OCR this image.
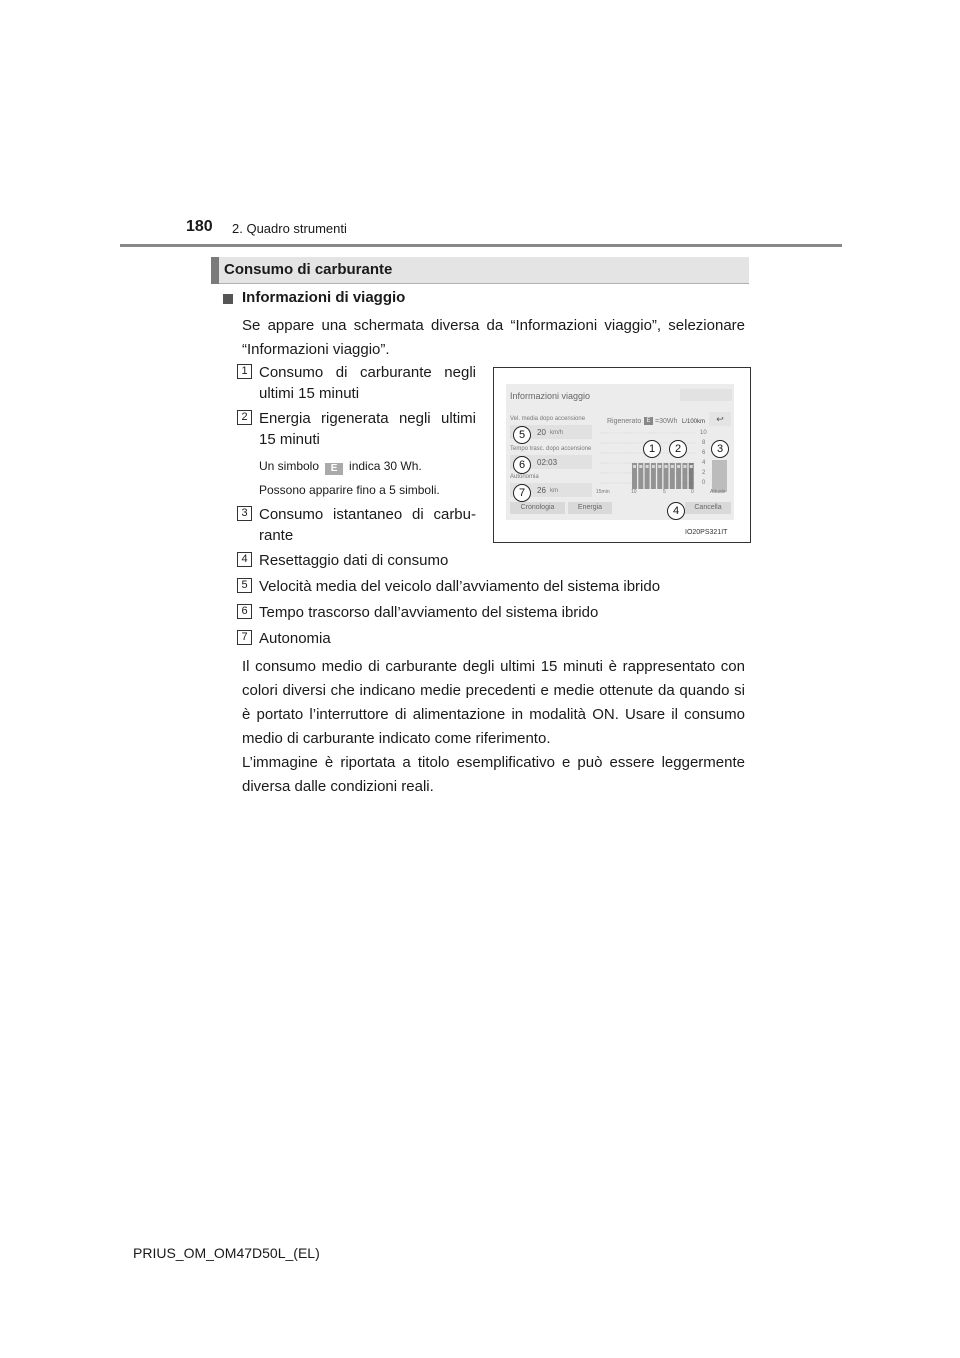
180 2. Quadro strumenti
Consumo di carburante
Informazioni di viaggio
Se appare una schermata diversa da “Informazioni viaggio”, selezionare “Informazioni viaggio”.
1 Consumo di carburante negli
ultimi 15 minuti
2 Energia rigenerata negli ultimi
15 minuti
Un simbolo E indica 30 Wh.
Possono apparire fino a 5 simboli.
3 Consumo istantaneo di carbu-
rante
4 Resettaggio dati di consumo
5 Velocità media del veicolo dall’avviamento del sistema ibrido
6 Tempo trascorso dall’avviamento del sistema ibrido
7 Autonomia
Il consumo medio di carburante degli ultimi 15 minuti è rappresentato con
colori diversi che indicano medie precedenti e medie ottenute da quando si
è portato l’interruttore di alimentazione in modalità ON. Usare il consumo
medio di carburante indicato come riferimento.
L’immagine è riportata a titolo esemplificativo e può essere leggermente
diversa dalle condizioni reali.
Informazioni viaggio
Vel. media dopo accensione
20 km/h
Tempo trasc. dopo accensione
02:03
Autonomia
26 km
Rigenerato E =30Wh L/100km	↩
10
8
6
4
2
0
15min	10	5	0	Attuale
Cronologia	Energia	Cancella
1	2	3
4
5
6
7
IO20PS321IT
PRIUS_OM_OM47D50L_(EL)
